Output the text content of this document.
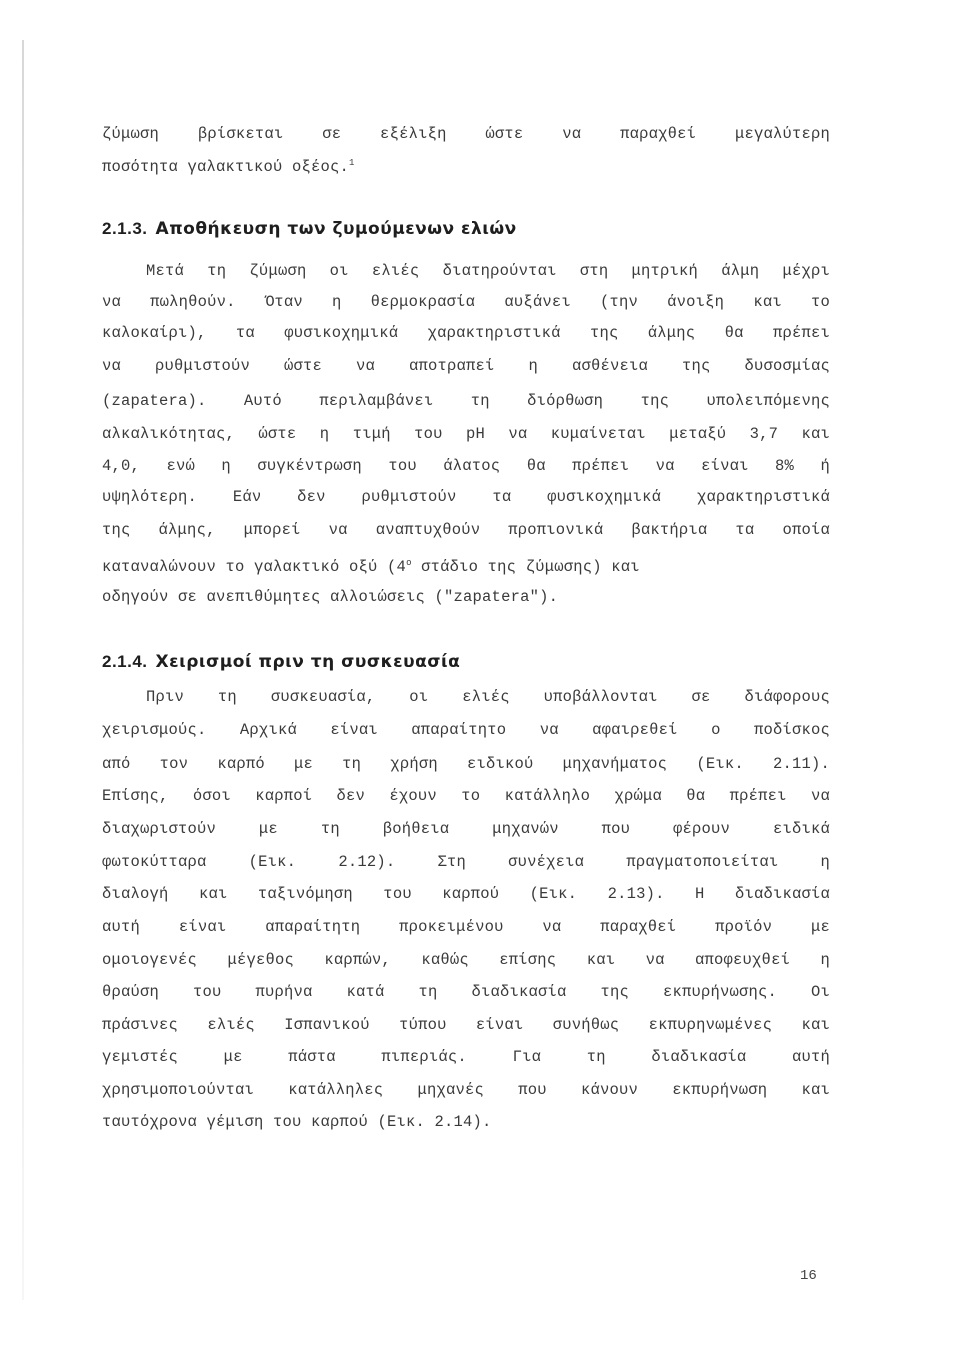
ζύμωση βρίσκεται σε εξέλιξη ώστε να παραχθεί μεγαλύτερη
ποσότητα γαλακτικού οξέος.$^1$
2.1.3. Αποθήκευση των ζυμούμενων ελιών
Μετά τη ζύμωση οι ελιές διατηρούνται στη μητρική άλμη μέχρι
να πωληθούν. Όταν η θερμοκρασία αυξάνει (την άνοιξη και το
καλοκαίρι), τα φυσικοχημικά χαρακτηριστικά της άλμης θα πρέπει
να ρυθμιστούν ώστε να αποτραπεί η ασθένεια της δυσοσμίας
(zapatera). Αυτό περιλαμβάνει τη διόρθωση της υπολειπόμενης
αλκαλικότητας, ώστε η τιμή του pH να κυμαίνεται μεταξύ 3,7 και
4,0, ενώ η συγκέντρωση του άλατος θα πρέπει να είναι 8% ή
υψηλότερη. Εάν δεν ρυθμιστούν τα φυσικοχημικά χαρακτηριστικά
της άλμης, μπορεί να αναπτυχθούν προπιονικά βακτήρια τα οποία
καταναλώνουν το γαλακτικό οξύ ($4^o$ στάδιο της ζύμωσης) και
οδηγούν σε ανεπιθύμητες αλλοιώσεις ("zapatera").
2.1.4. Χειρισμοί πριν τη συσκευασία
Πριν τη συσκευασία, οι ελιές υποβάλλονται σε διάφορους
χειρισμούς. Αρχικά είναι απαραίτητο να αφαιρεθεί ο ποδίσκος
από τον καρπό με τη χρήση ειδικού μηχανήματος (Εικ. 2.11).
Επίσης, όσοι καρποί δεν έχουν το κατάλληλο χρώμα θα πρέπει να
διαχωριστούν με τη βοήθεια μηχανών που φέρουν ειδικά
φωτοκύτταρα (Εικ. 2.12). Στη συνέχεια πραγματοποιείται η
διαλογή και ταξινόμηση του καρπού (Εικ. 2.13). Η διαδικασία
αυτή είναι απαραίτητη προκειμένου να παραχθεί προϊόν με
ομοιογενές μέγεθος καρπών, καθώς επίσης και να αποφευχθεί η
θραύση του πυρήνα κατά τη διαδικασία της εκπυρήνωσης. Οι
πράσινες ελιές Ισπανικού τύπου είναι συνήθως εκπυρηνωμένες και
γεμιστές με πάστα πιπεριάς. Για τη διαδικασία αυτή
χρησιμοποιούνται κατάλληλες μηχανές που κάνουν εκπυρήνωση και
ταυτόχρονα γέμιση του καρπού (Εικ. 2.14).
16
